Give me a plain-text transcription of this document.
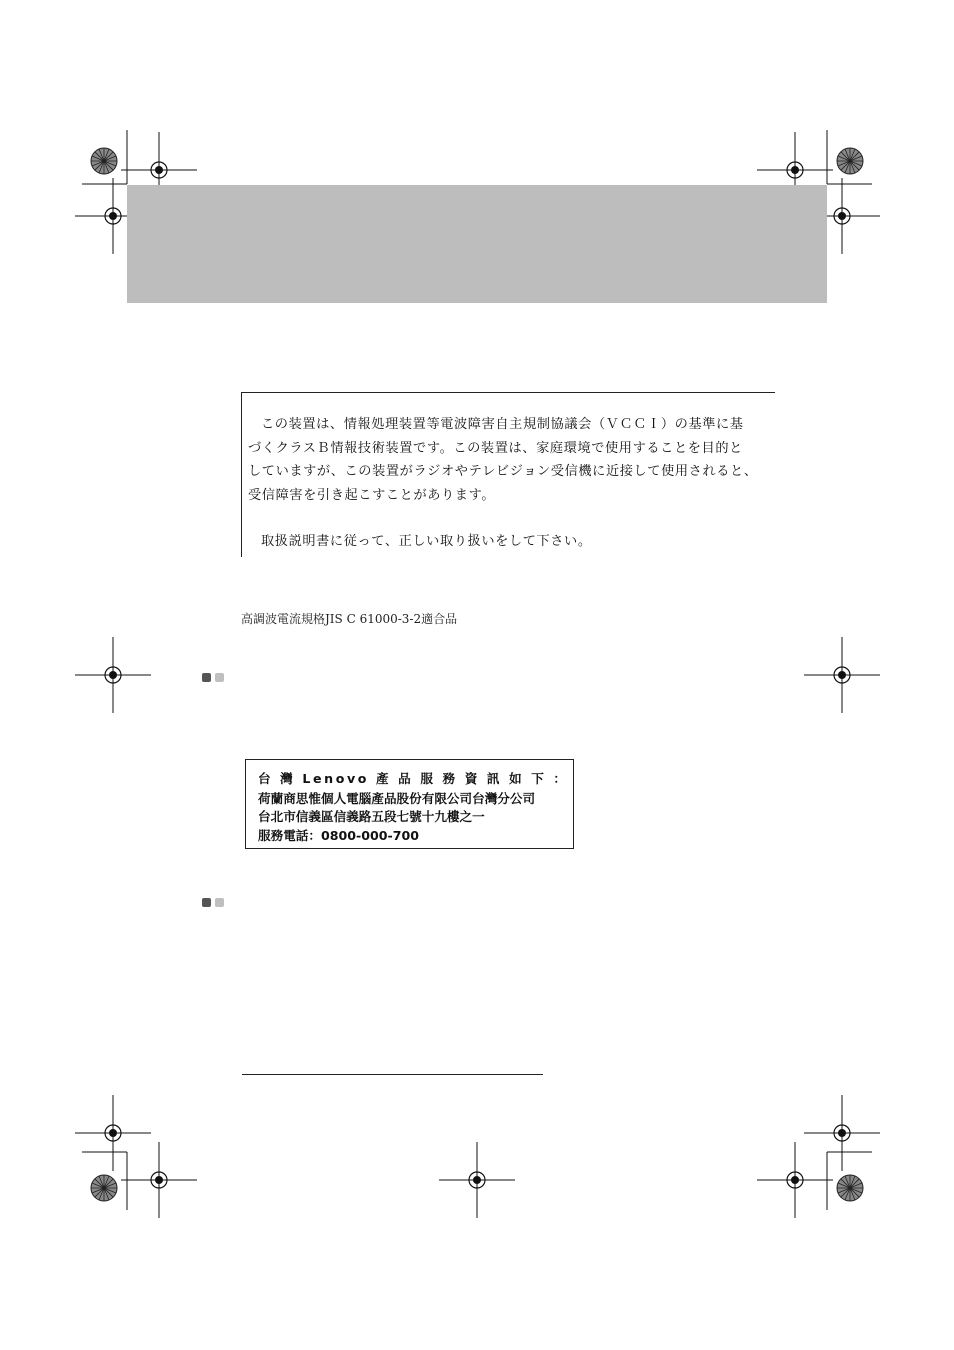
この装置は、情報処理装置等電波障害自主規制協議会（ＶＣＣＩ）の基準に基

づくクラスＢ情報技術装置です。この装置は、家庭環境で使用することを目的と

していますが、この装置がラジオやテレビジョン受信機に近接して使用されると、

受信障害を引き起こすことがあります。

取扱説明書に従って、正しい取り扱いをして下さい。

高調波電流規格JIS C 61000-3-2適合品
台 灣 Lenovo 產 品 服 務 資 訊 如 下 ：
荷蘭商思惟個人電腦產品股份有限公司台灣分公司
台北市信義區信義路五段七號十九樓之一
服務電話：0800-000-700
